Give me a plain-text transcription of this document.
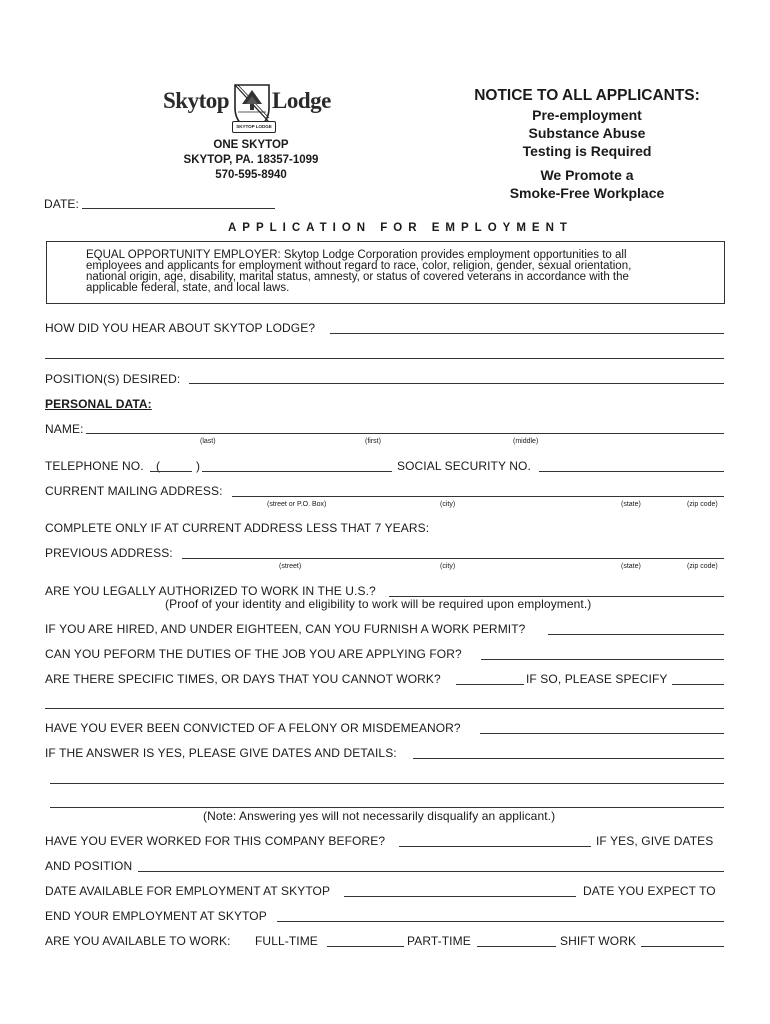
Skytop
SKYTOP LODGE
Lodge
ONE SKYTOP
SKYTOP, PA. 18357-1099
570-595-8940
NOTICE TO ALL APPLICANTS:
Pre-employment
Substance Abuse
Testing is Required
We Promote a
Smoke-Free Workplace
DATE:
APPLICATION FOR EMPLOYMENT
EQUAL OPPORTUNITY EMPLOYER: Skytop Lodge Corporation provides employment opportunities to all
employees and applicants for employment without regard to race, color, religion, gender, sexual orientation,
national origin, age, disability, marital status, amnesty, or status of covered veterans in accordance with the
applicable federal, state, and local laws.
HOW DID YOU HEAR ABOUT SKYTOP LODGE?
POSITION(S) DESIRED:
PERSONAL DATA:
NAME:
(last)	(first)	(middle)
TELEPHONE NO. (	)	SOCIAL SECURITY NO.
CURRENT MAILING ADDRESS:
(street or P.O. Box)	(city)	(state)	(zip code)
COMPLETE ONLY IF AT CURRENT ADDRESS LESS THAT 7 YEARS:
PREVIOUS ADDRESS:
(street)	(city)	(state)	(zip code)
ARE YOU LEGALLY AUTHORIZED TO WORK IN THE U.S.?
(Proof of your identity and eligibility to work will be required upon employment.)
IF YOU ARE HIRED, AND UNDER EIGHTEEN, CAN YOU FURNISH A WORK PERMIT?
CAN YOU PEFORM THE DUTIES OF THE JOB YOU ARE APPLYING FOR?
ARE THERE SPECIFIC TIMES, OR DAYS THAT YOU CANNOT WORK?	IF SO, PLEASE SPECIFY
HAVE YOU EVER BEEN CONVICTED OF A FELONY OR MISDEMEANOR?
IF THE ANSWER IS YES, PLEASE GIVE DATES AND DETAILS:
(Note: Answering yes will not necessarily disqualify an applicant.)
HAVE YOU EVER WORKED FOR THIS COMPANY BEFORE?	IF YES, GIVE DATES
AND POSITION
DATE AVAILABLE FOR EMPLOYMENT AT SKYTOP	DATE YOU EXPECT TO
END YOUR EMPLOYMENT AT SKYTOP
ARE YOU AVAILABLE TO WORK: FULL-TIME	PART-TIME	SHIFT WORK
